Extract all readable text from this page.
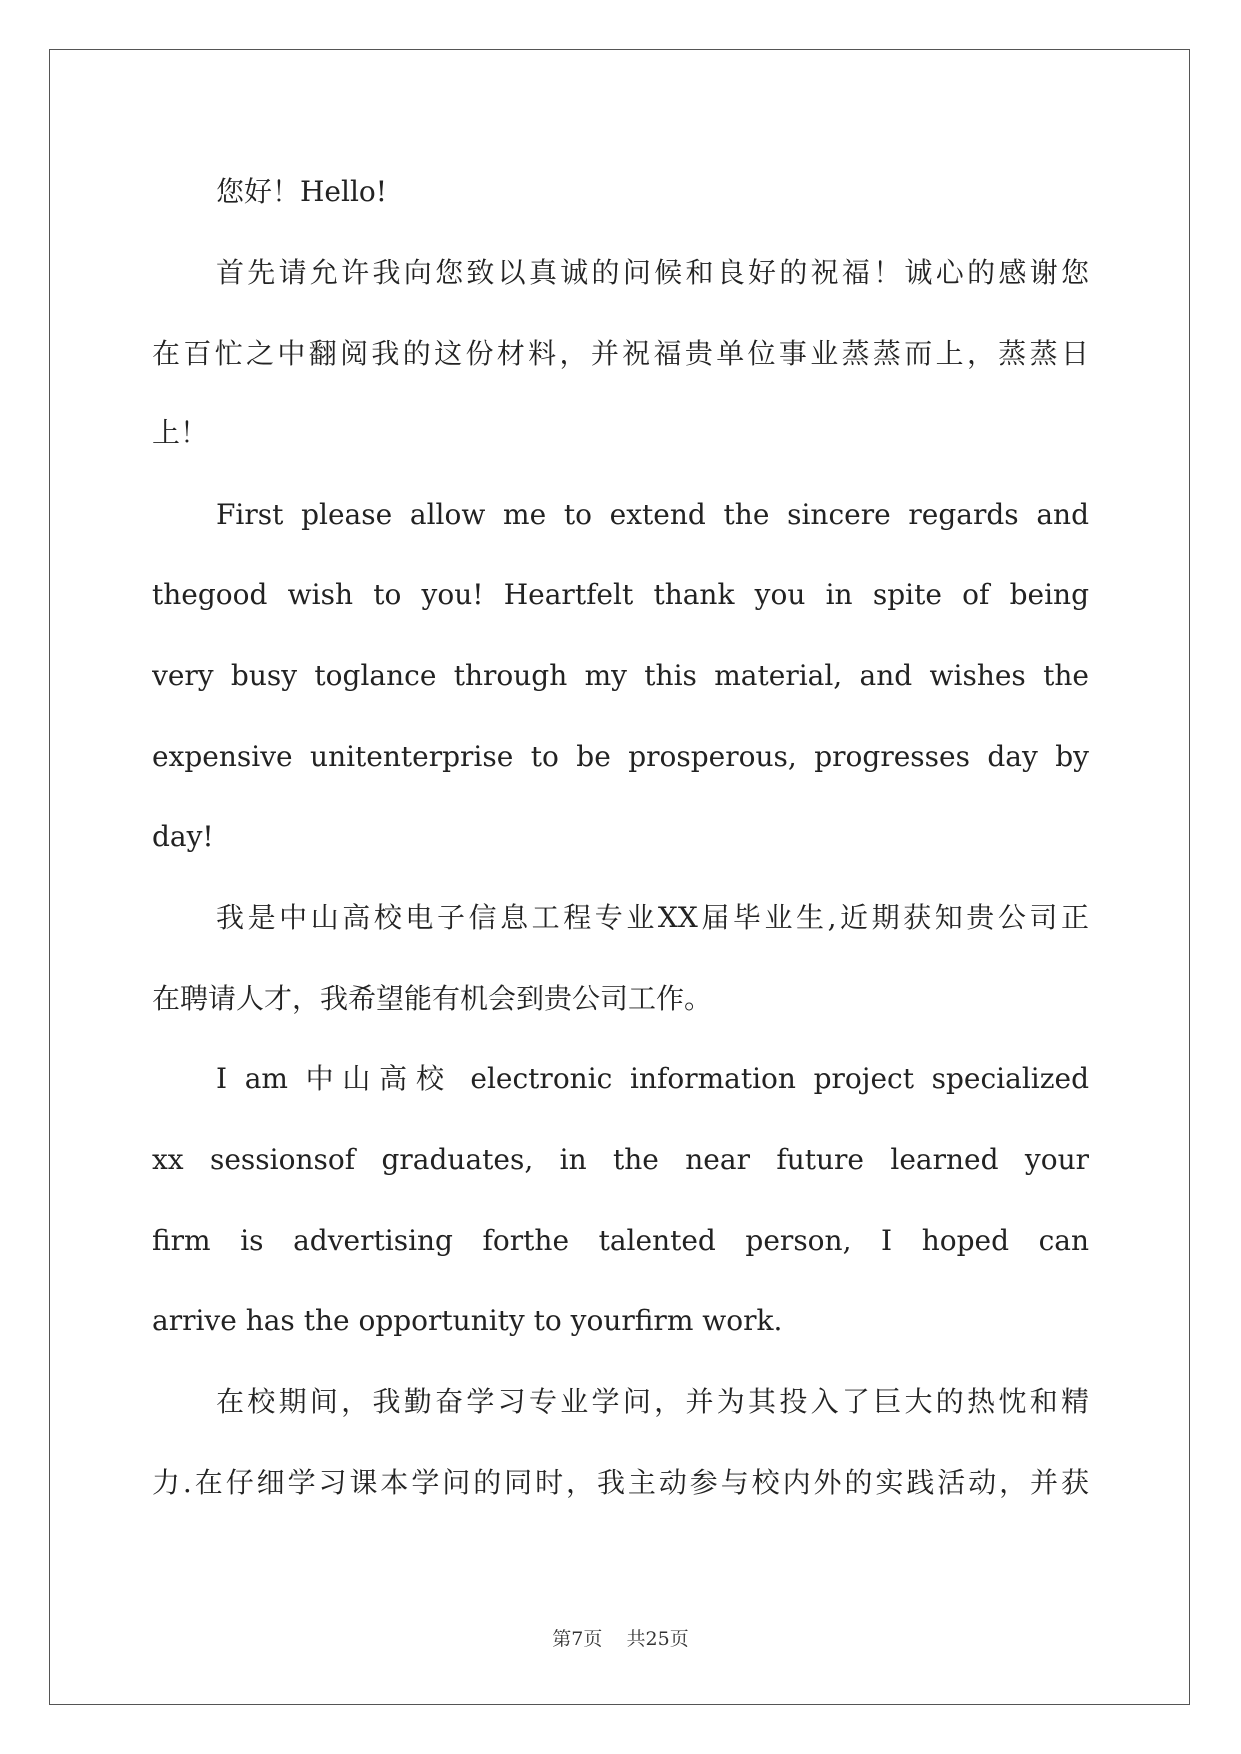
您好！Hello!
首先请允许我向您致以真诚的问候和良好的祝福！诚心的感谢您
在百忙之中翻阅我的这份材料，并祝福贵单位事业蒸蒸而上，蒸蒸日
上！
First please allow me to extend the sincere regards and
thegood wish to you! Heartfelt thank you in spite of being
very busy toglance through my this material, and wishes the
expensive unitenterprise to be prosperous, progresses day by
day!
我是中山高校电子信息工程专业XX届毕业生,近期获知贵公司正
在聘请人才，我希望能有机会到贵公司工作。
I am 中山高校 electronic information project specialized
xx sessionsof graduates, in the near future learned your
firm is advertising forthe talented person, I hoped can
arrive has the opportunity to yourfirm work.
在校期间，我勤奋学习专业学问，并为其投入了巨大的热忱和精
力.在仔细学习课本学问的同时，我主动参与校内外的实践活动，并获
第7页 共25页
